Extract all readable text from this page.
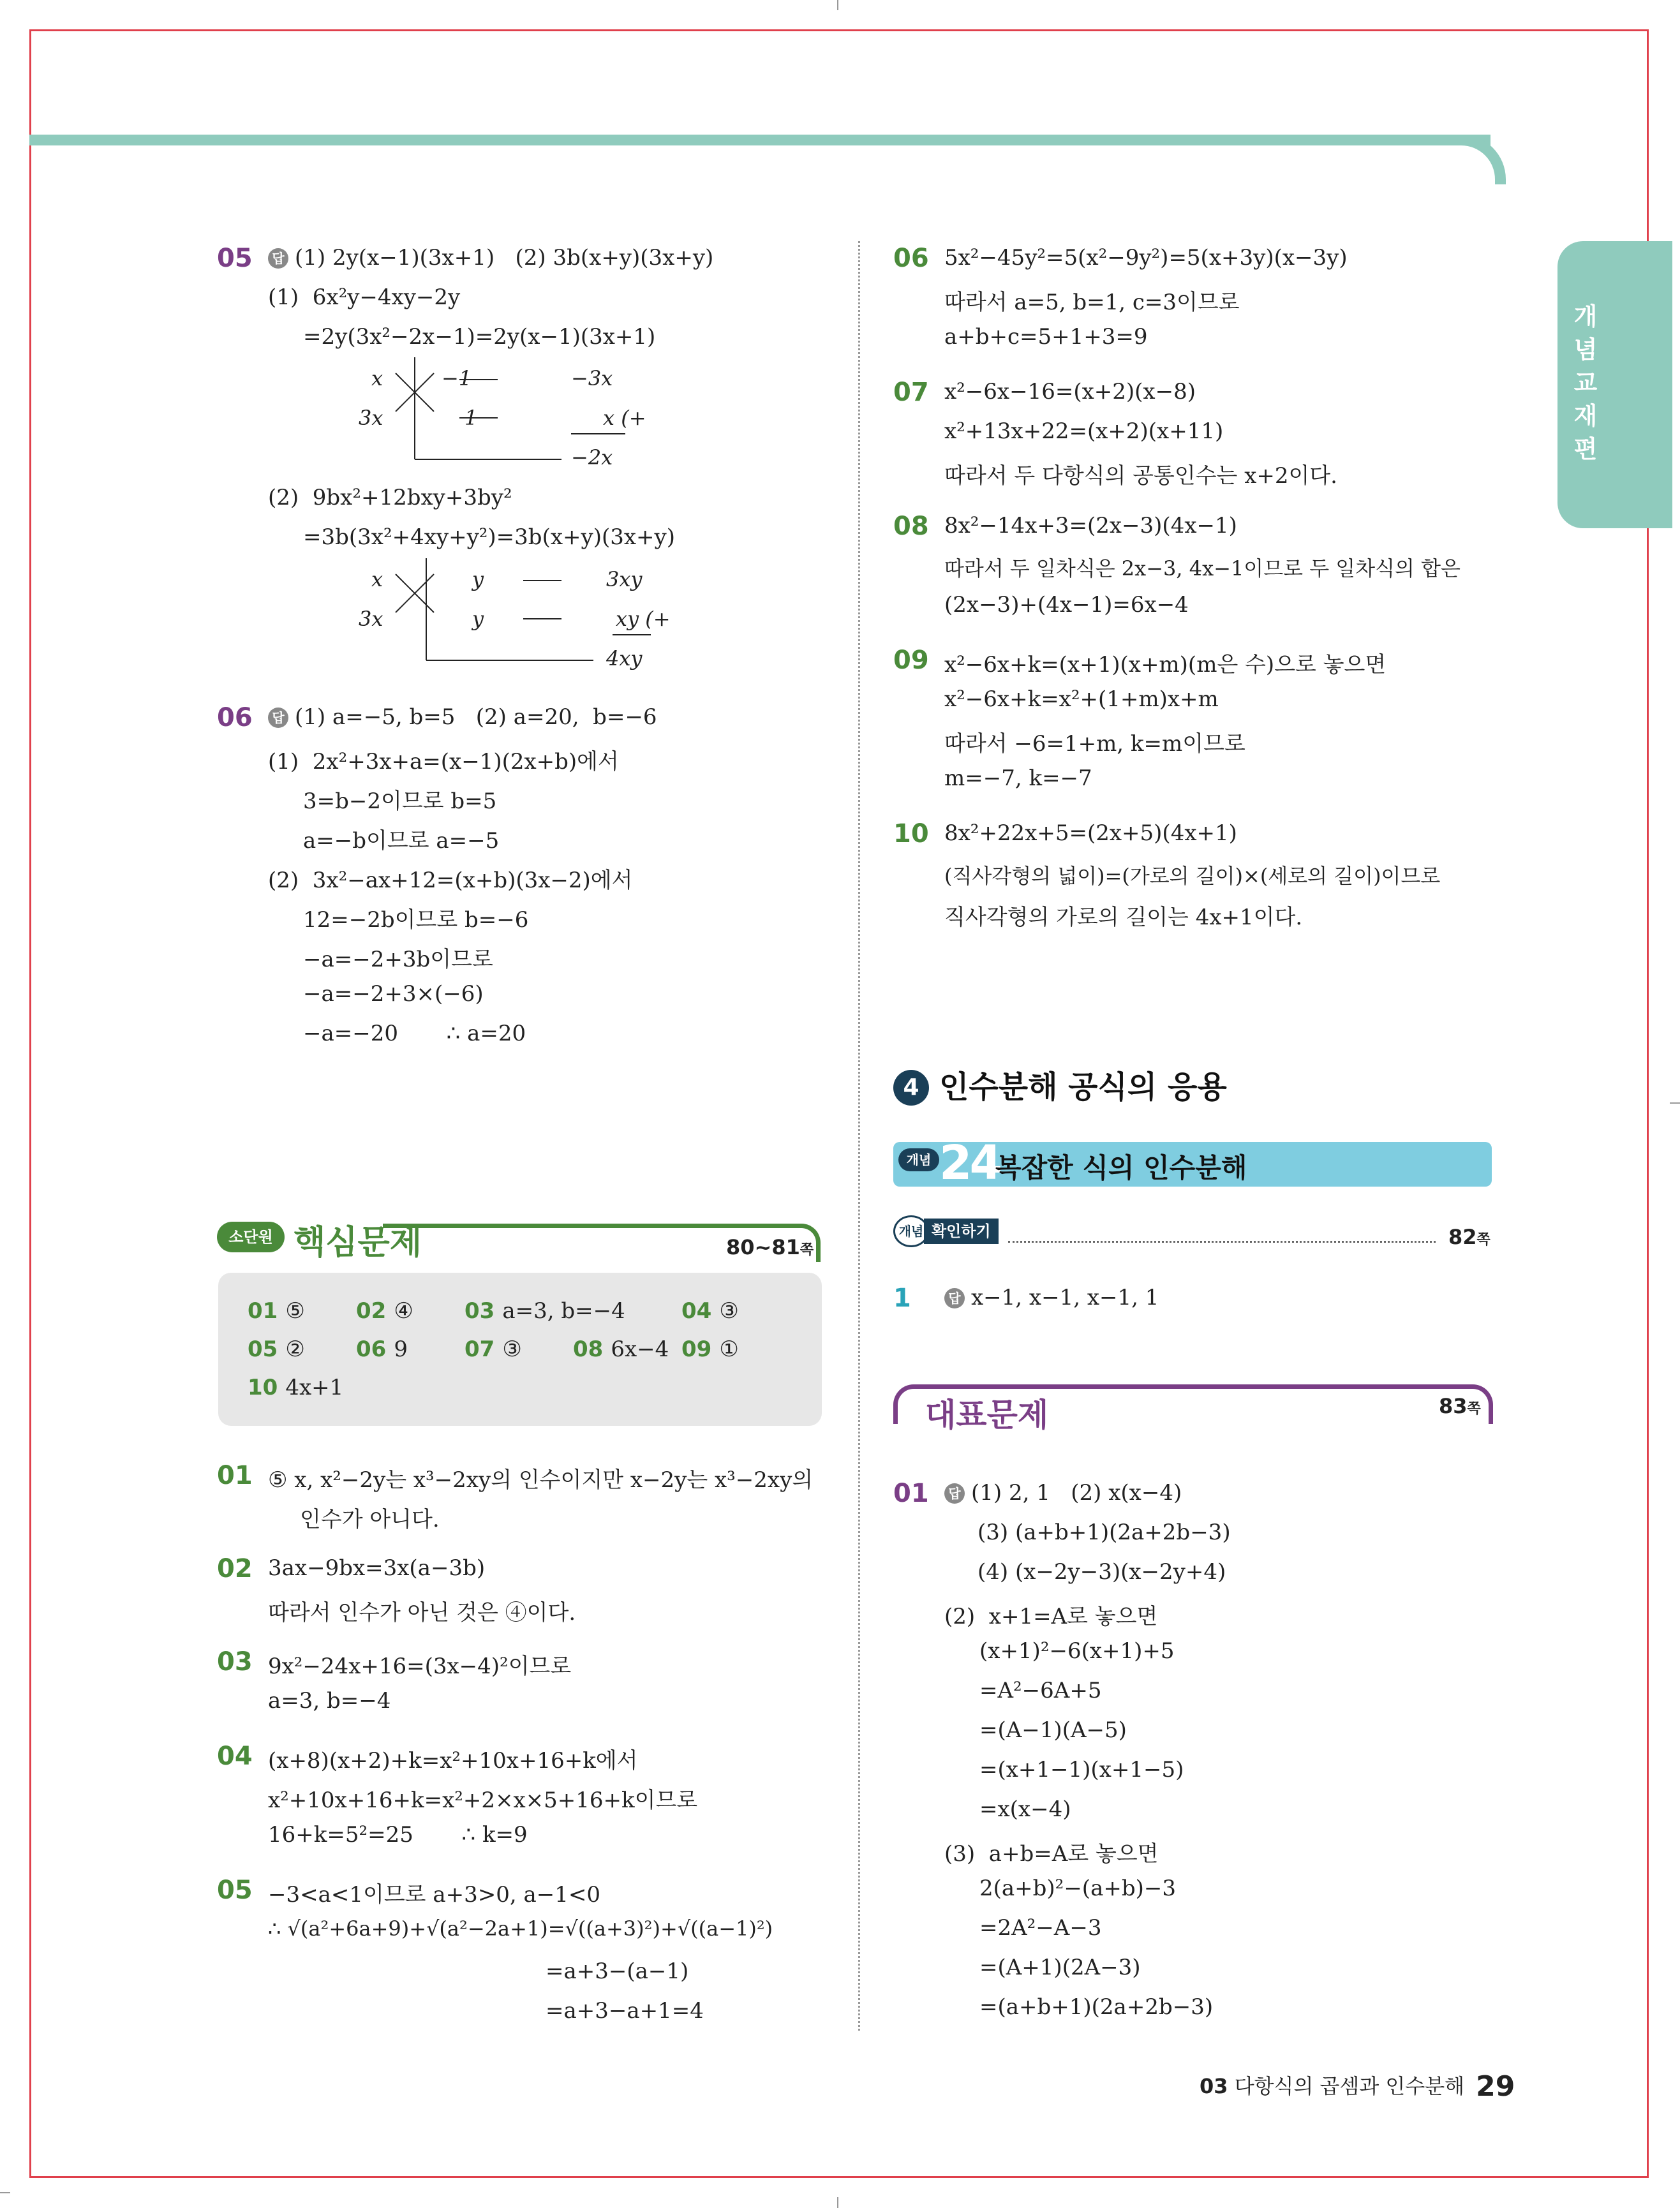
개념교재편
05	답 (1) 2y(x−1)(3x+1)   (2) 3b(x+y)(3x+y)
(1)  6x²y−4xy−2y
=2y(3x²−2x−1)=2y(x−1)(3x+1)
x
3x
−1
1
−3x
x (+
−2x
(2)  9bx²+12bxy+3by²
=3b(3x²+4xy+y²)=3b(x+y)(3x+y)
x
3x
y
y
3xy
xy (+
4xy
06	답 (1) a=−5, b=5   (2) a=20,  b=−6
(1)  2x²+3x+a=(x−1)(2x+b)에서
3=b−2이므로 b=5
a=−b이므로 a=−5
(2)  3x²−ax+12=(x+b)(3x−2)에서
12=−2b이므로 b=−6
−a=−2+3b이므로
−a=−2+3×(−6)
−a=−20       ∴ a=20
소단원 핵심문제	80~81쪽
01 ⑤ 02 ④ 03 a=3, b=−4	04 ③
05 ② 06 9	07 ③ 08 6x−4 09 ①
10 4x+1
01 ⑤ x, x²−2y는 x³−2xy의 인수이지만 x−2y는 x³−2xy의
인수가 아니다.
02 3ax−9bx=3x(a−3b)
따라서 인수가 아닌 것은 ④이다.
03 9x²−24x+16=(3x−4)²이므로
a=3, b=−4
04 (x+8)(x+2)+k=x²+10x+16+k에서
x²+10x+16+k=x²+2×x×5+16+k이므로
16+k=5²=25       ∴ k=9
05 −3<a<1이므로 a+3>0, a−1<0
∴ √(a²+6a+9)+√(a²−2a+1)=√((a+3)²)+√((a−1)²)
=a+3−(a−1)
=a+3−a+1=4
06 5x²−45y²=5(x²−9y²)=5(x+3y)(x−3y)
따라서 a=5, b=1, c=3이므로
a+b+c=5+1+3=9
07 x²−6x−16=(x+2)(x−8)
x²+13x+22=(x+2)(x+11)
따라서 두 다항식의 공통인수는 x+2이다.
08 8x²−14x+3=(2x−3)(4x−1)
따라서 두 일차식은 2x−3, 4x−1이므로 두 일차식의 합은
(2x−3)+(4x−1)=6x−4
09 x²−6x+k=(x+1)(x+m)(m은 수)으로 놓으면
x²−6x+k=x²+(1+m)x+m
따라서 −6=1+m, k=m이므로
m=−7, k=−7
10 8x²+22x+5=(2x+5)(4x+1)
(직사각형의 넓이)=(가로의 길이)×(세로의 길이)이므로
직사각형의 가로의 길이는 4x+1이다.
4 인수분해 공식의 응용
개념 24
복잡한 식의 인수분해
개념 확인하기	82쪽
1	답 x−1, x−1, x−1, 1
대표문제	83쪽
01	답 (1) 2, 1   (2) x(x−4)
(3) (a+b+1)(2a+2b−3)
(4) (x−2y−3)(x−2y+4)
(2)  x+1=A로 놓으면
(x+1)²−6(x+1)+5
=A²−6A+5
=(A−1)(A−5)
=(x+1−1)(x+1−5)
=x(x−4)
(3)  a+b=A로 놓으면
2(a+b)²−(a+b)−3
=2A²−A−3
=(A+1)(2A−3)
=(a+b+1)(2a+2b−3)
03 다항식의 곱셈과 인수분해 29
